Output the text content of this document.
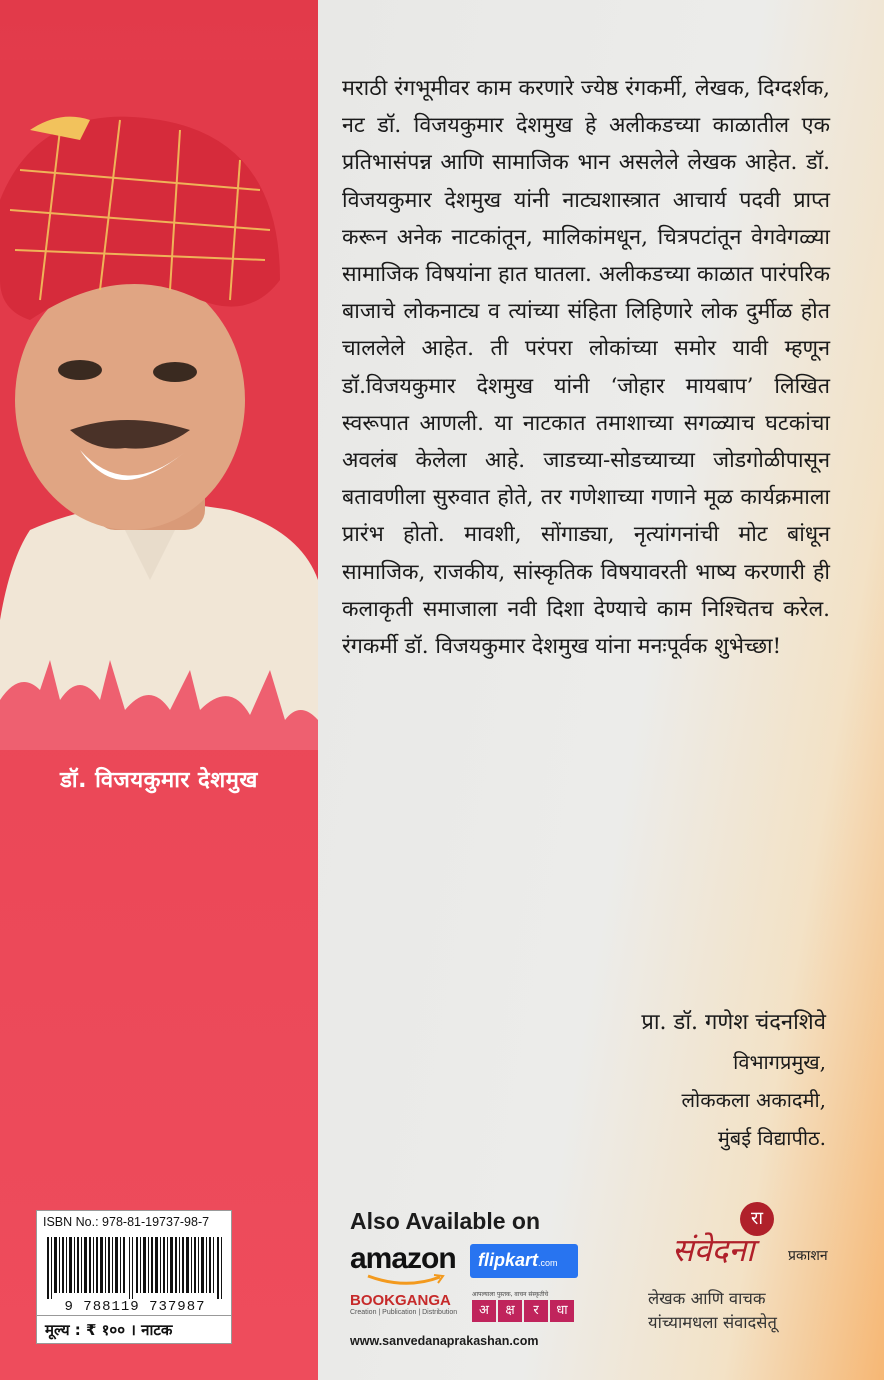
डॉ. विजयकुमार देशमुख
मराठी रंगभूमीवर काम करणारे ज्येष्ठ रंगकर्मी, लेखक, दिग्दर्शक, नट डॉ. विजयकुमार देशमुख हे अलीकडच्या काळातील एक प्रतिभासंपन्न आणि सामाजिक भान असलेले लेखक आहेत. डॉ. विजयकुमार देशमुख यांनी नाट्यशास्त्रात आचार्य पदवी प्राप्त करून अनेक नाटकांतून, मालिकांमधून, चित्रपटांतून वेगवेगळ्या सामाजिक विषयांना हात घातला. अलीकडच्या काळात पारंपरिक बाजाचे लोकनाट्य व त्यांच्या संहिता लिहिणारे लोक दुर्मीळ होत चाललेले आहेत. ती परंपरा लोकांच्या समोर यावी म्हणून डॉ.विजयकुमार देशमुख यांनी ‘जोहार मायबाप’ लिखित स्वरूपात आणली. या नाटकात तमाशाच्या सगळ्याच घटकांचा अवलंब केलेला आहे. जाडच्या-सोडच्याच्या जोडगोळीपासून बतावणीला सुरुवात होते, तर गणेशाच्या गणाने मूळ कार्यक्रमाला प्रारंभ होतो. मावशी, सोंगाड्या, नृत्यांगनांची मोट बांधून सामाजिक, राजकीय, सांस्कृतिक विषयावरती भाष्य करणारी ही कलाकृती समाजाला नवी दिशा देण्याचे काम निश्चितच करेल. रंगकर्मी डॉ. विजयकुमार देशमुख यांना मनःपूर्वक शुभेच्छा!
प्रा. डॉ. गणेश चंदनशिवे
विभागप्रमुख,
लोककला अकादमी,
मुंबई विद्यापीठ.
ISBN No.: 978-81-19737-98-7
9 788119 737987
मूल्य : ₹ १०० । नाटक
Also Available on
amazon	flipkart.com
BOOKGANGA
Creation | Publication | Distribution
आपल्याला पुस्तक, वाचन संस्कृतीचे
अ	क्ष	र	धा
www.sanvedanaprakashan.com
रा
संवेदना प्रकाशन
लेखक आणि वाचक
यांच्यामधला संवादसेतू
